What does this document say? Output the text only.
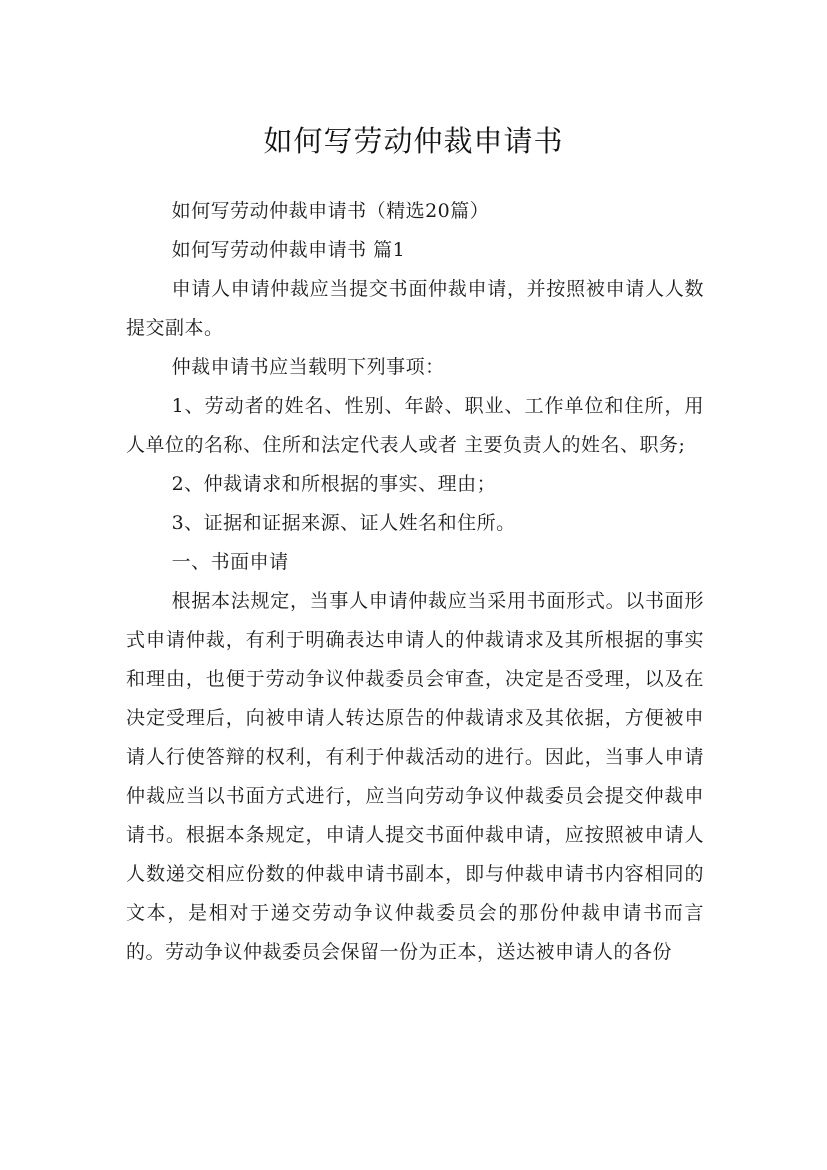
如何写劳动仲裁申请书

如何写劳动仲裁申请书（精选20篇）

如何写劳动仲裁申请书 篇1

申请人申请仲裁应当提交书面仲裁申请，并按照被申请人人数提交副本。

仲裁申请书应当载明下列事项：

1、劳动者的姓名、性别、年龄、职业、工作单位和住所，用人单位的名称、住所和法定代表人或者 主要负责人的姓名、职务;

2、仲裁请求和所根据的事实、理由；

3、证据和证据来源、证人姓名和住所。

一、书面申请

根据本法规定，当事人申请仲裁应当采用书面形式。以书面形式申请仲裁，有利于明确表达申请人的仲裁请求及其所根据的事实和理由，也便于劳动争议仲裁委员会审查，决定是否受理，以及在决定受理后，向被申请人转达原告的仲裁请求及其依据，方便被申请人行使答辩的权利，有利于仲裁活动的进行。因此，当事人申请仲裁应当以书面方式进行，应当向劳动争议仲裁委员会提交仲裁申请书。根据本条规定，申请人提交书面仲裁申请，应按照被申请人人数递交相应份数的仲裁申请书副本，即与仲裁申请书内容相同的文本，是相对于递交劳动争议仲裁委员会的那份仲裁申请书而言的。劳动争议仲裁委员会保留一份为正本，送达被申请人的各份
